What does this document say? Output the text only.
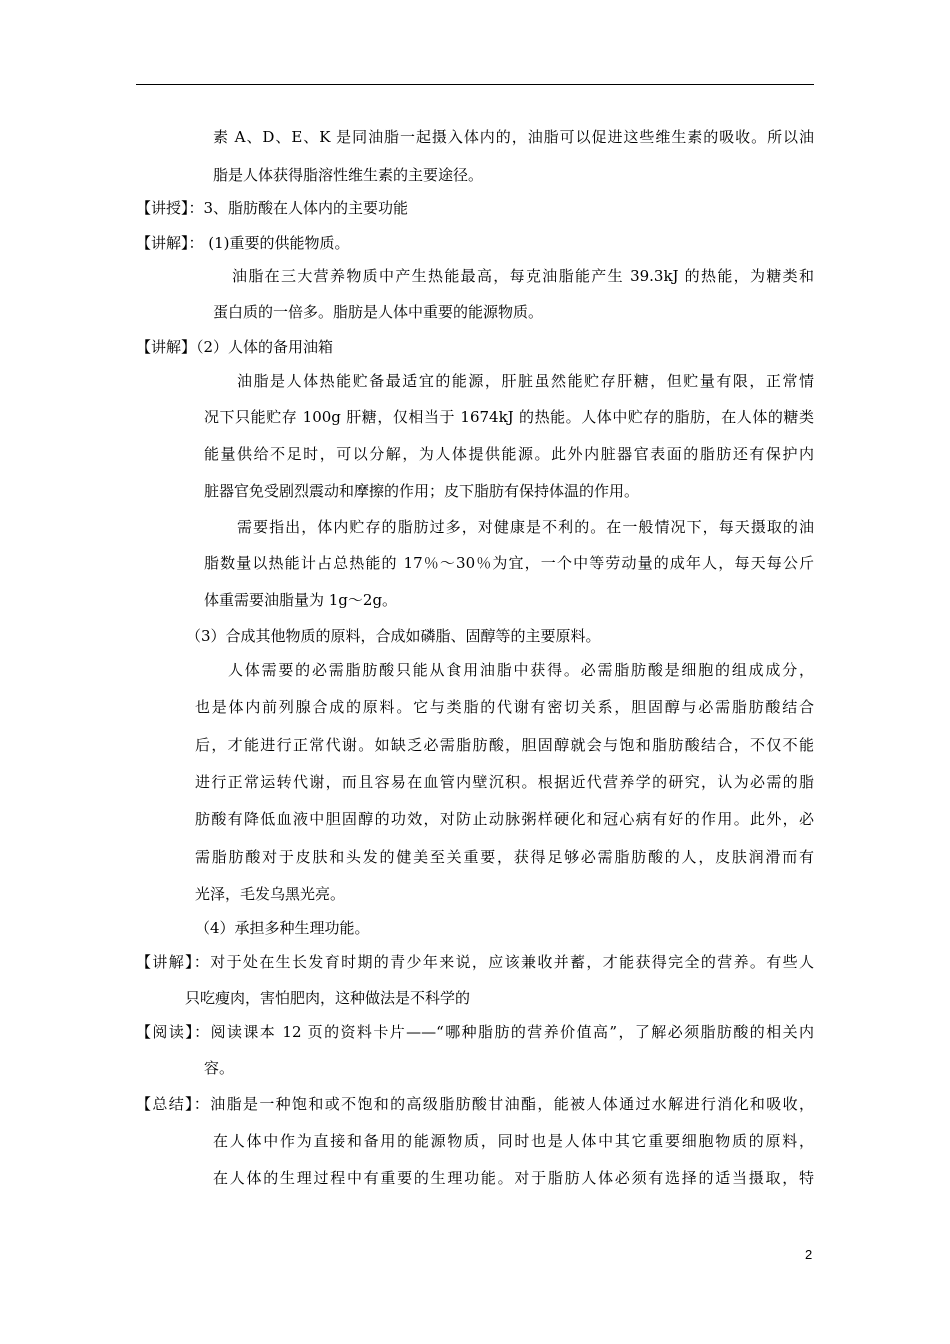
素 A、D、E、K 是同油脂一起摄入体内的，油脂可以促进这些维生素的吸收。所以油
脂是人体获得脂溶性维生素的主要途径。
【讲授】：3、脂肪酸在人体内的主要功能
【讲解】： (1)重要的供能物质。
油脂在三大营养物质中产生热能最高，每克油脂能产生 39.3kJ 的热能，为糖类和
蛋白质的一倍多。脂肪是人体中重要的能源物质。
【讲解】（2）人体的备用油箱
油脂是人体热能贮备最适宜的能源，肝脏虽然能贮存肝糖，但贮量有限，正常情
况下只能贮存 100g 肝糖，仅相当于 1674kJ 的热能。人体中贮存的脂肪，在人体的糖类
能量供给不足时，可以分解，为人体提供能源。此外内脏器官表面的脂肪还有保护内
脏器官免受剧烈震动和摩擦的作用；皮下脂肪有保持体温的作用。
需要指出，体内贮存的脂肪过多，对健康是不利的。在一般情况下，每天摄取的油
脂数量以热能计占总热能的 17％～30％为宜，一个中等劳动量的成年人，每天每公斤
体重需要油脂量为 1g～2g。
（3）合成其他物质的原料，合成如磷脂、固醇等的主要原料。
人体需要的必需脂肪酸只能从食用油脂中获得。必需脂肪酸是细胞的组成成分，
也是体内前列腺合成的原料。它与类脂的代谢有密切关系，胆固醇与必需脂肪酸结合
后，才能进行正常代谢。如缺乏必需脂肪酸，胆固醇就会与饱和脂肪酸结合，不仅不能
进行正常运转代谢，而且容易在血管内壁沉积。根据近代营养学的研究，认为必需的脂
肪酸有降低血液中胆固醇的功效，对防止动脉粥样硬化和冠心病有好的作用。此外，必
需脂肪酸对于皮肤和头发的健美至关重要，获得足够必需脂肪酸的人，皮肤润滑而有
光泽，毛发乌黑光亮。
（4）承担多种生理功能。
【讲解】：对于处在生长发育时期的青少年来说，应该兼收并蓄，才能获得完全的营养。有些人
只吃瘦肉，害怕肥肉，这种做法是不科学的
【阅读】：阅读课本 12 页的资料卡片——“哪种脂肪的营养价值高”，了解必须脂肪酸的相关内
容。
【总结】：油脂是一种饱和或不饱和的高级脂肪酸甘油酯，能被人体通过水解进行消化和吸收，
在人体中作为直接和备用的能源物质，同时也是人体中其它重要细胞物质的原料，
在人体的生理过程中有重要的生理功能。对于脂肪人体必须有选择的适当摄取，特
2
